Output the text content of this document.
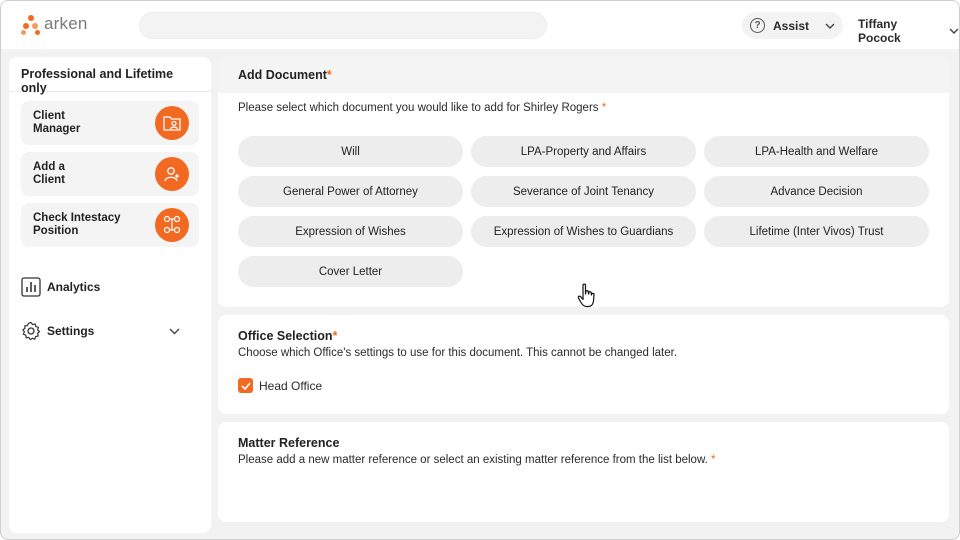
arken	?	Assist	Tiffany Pocock
Professional and Lifetime only
Client
Manager
Add a
Client
Check Intestacy
Position
Analytics
Settings
Add Document*
Please select which document you would like to add for Shirley Rogers *
Will	LPA-Property and Affairs	LPA-Health and Welfare
General Power of Attorney	Severance of Joint Tenancy	Advance Decision
Expression of Wishes	Expression of Wishes to Guardians	Lifetime (Inter Vivos) Trust
Cover Letter
Office Selection*
Choose which Office's settings to use for this document. This cannot be changed later.
Head Office
Matter Reference
Please add a new matter reference or select an existing matter reference from the list below. *
